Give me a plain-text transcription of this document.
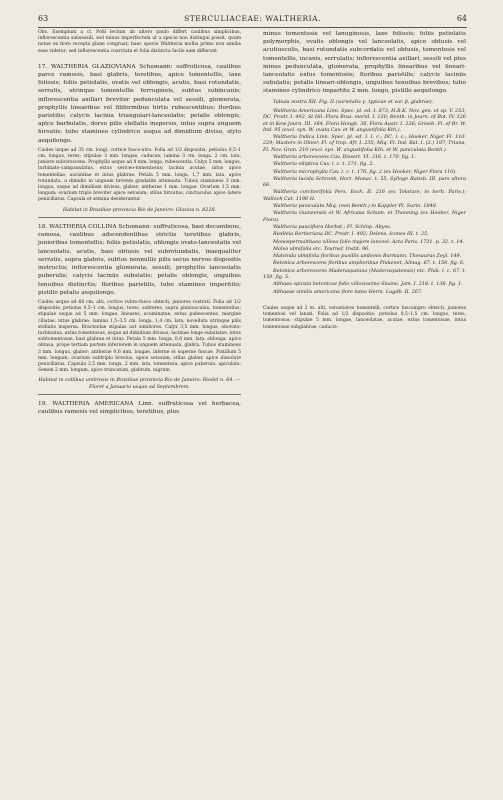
63	STERCULIACEAE: WALTHERIA.	64

Obs. Exemplum a cl. Pohl lectum ab altero paulo differt caulibus simplicibus, inflorescentia subsessili, sed minus imperfectum ut a specie non distingui possit, quum notae ex flore recepta plane congruat; haec specie Waltheria mollis primo non similis esse videtur; sed inflorescentia coarctata et folia distincta facile eam differunt.

17. WALTHERIA GLAZIOVIANA Schumann: suffruticosa, caulibus parce ramosis, basi glabris, teretibus, apice tomentellis, laxe foliosis; foliis petiolatis, ovatis vel oblongis, acutis, basi rotundatis, serratis, utrinque tomentellis ferrugineis, subtus subincanis; inflorescentia axillari breviter pedunculata vel sessili, glomerata, prophyllis linearibus vel filiformibus hirtis rubescentibus; floribus paristilis; calycis lacinia triangulari-lanceolatis; petalis oblongis, apice barbulatis, dorso pilis stellatis inspersis, intus supra unguem hirsutis; tubo stamineo cylindrico usque ad dimidium diviso, stylo aequilongo.

Caules usque ad 35 cm. longi, cortice fusco-atro. Folia ad 1/2 dispositis; petiolus 0,5–1 cm. longus, teres; stipulae 3 mm. longae, caducae; lamina 3 cm. longa, 2 cm. lata, juniore subvirescens. Prophylla usque ad 8 mm. longa, rubescentia. Calyx 5 mm. longus, turbinato-campanulatus, extus sericeo-tomentosus; lacinia acutae, intus apice tomentellae, aurantiae et intus glabrae. Petala 5 mm. longa, 1,7 mm. lata, apice rotundata, a dimidio in unguem brevem gradatim attenuata. Tubus stamineus 3 mm. longus, usque ad dimidium divisus, glaber; antherae 1 mm. longae. Ovarium 1,5 mm. longum; ovarium triplo breviter apice setosum; stilus hirsutus, cinctaculus apice latere penicillatus. Capsula et semina desiderantur.

Habitat in Brasiliae provincia Rio de Janeiro: Glaziou n. 8228.

18. WALTHERIA COLLINA Schumann: suffruticosa, basi decumbens, ramosa, caulibus adscendentibus strictis teretibus glabris, junioribus tomentellis; foliis petiolatis, oblongis ovato-lanceolatis vel lanceolatis, acutis, basi obtusis vel subrotundatis, inaequaliter serratis, supra glabris, subtus nonnullis pilis secus nervos dispositis instructis; inflorescentia glomerata, sessili, prophyllis lanceolatis puberulis; calycis laciniis subulatis; petalis oblongis, unguibus tenuibus distinctis; floribus paristilis, tubo stamineo imperitito; pistillo petalis aequilongo.

Caules usque ad 60 cm. alti, cortice rubro-fusco obtecti, juniores rostrati. Folia ad 1/2 dispositis; petiolus 0,5–1 cm. longus, teres, subteres, supra planiusculus, tomentellus; stipulae usque ad 5 mm. longae, lineares, acuminatae, extus pubescentes, margine ciliatae, intus glabrae; lamina 1,5–3,5 cm. longa, 1,4 cm. lata, novelluta utrinque pilis stellatis inspersa. Bracteolae stipulas aut similiores. Calyx 3,5 mm. longus, obovato-turbinatus, extus tomentosus, usque ad dimidium divisus; laciniae longe subulatae, intus subtomentosae, basi glabrae et intus. Petala 5 mm. longa, 0,8 mm. lata, oblonga, apice obtusa, prope tertiam partem inferiorem in unguem attenuata, glabra. Tubus stamineus 3 mm. longus, glaber; antherae 0,6 mm. longae, inferne et superne fuscae. Pistillum 5 mm. longum; ovarium subtriplo brevius, apice setosum; stilus glaber, apice dissolute penicillatus. Capsula 2,5 mm. longa, 2 mm. lata, tomentosa, apice puberula, apiculata. Semen 2 mm. longum, apice truncatum, glabrum, nigrum.

Habitat in collibus umbrosis in Brasiliae provincia Rio de Janeiro: Riedel n. 64. — Floret a Januario usque ad Septembrem.

19. WALTHERIA AMERICANA Linn. suffruticosa vel herbacea, caulibus ramosis vel simplicibus, teretibus, plus

minus tomentosis vel lanuginosis, laxe foliosis; foliis petiolatis polymorphis, ovatis oblongis vel lanceolatis, apice obtusis vel acutiusculis, basi rotundatis subcordatis vel obtusis, tomentosis vel tomentellis, incanis, serrulatis; inflorescentia axillari, sessili vel plus minus pedunculata, glomerata, prophyllis linearibus vel lineari-lanceolatis extus tomentosis; floribus paristilis; calycis laciniis subulatis; petalis lineari-oblongis, unguibus tenuibus brevibus; tubo stamineo cylindrico impartito 2 mm. longo, pistillo aequilongo.

Tabula nostra XII. Fig. II (varietatis γ. typicae et var. β. glabrae).

Waltheria Americana Linn. Spec. pl. ed. I. 673; H.B.K. Nov. gen. et sp. V. 253; DC. Prodr. I. 492; St Hil. Flora Bras. merid. I. 120; Benth. in Journ. of Bot. IV. 126 et in Kew Journ. III. 164, Flora Hongk. 38, Flora Austr. I. 226; Griseb. Fl. of Br. W. Ind. 95 (excl. syn. W. ovata Cav. et W. angustifolia Kth.).

Waltheria Indica Linn. Spec. pl. ed. I. I. c.; DC. l. c.; Hooker, Niger Fl. 110. 229; Masters in Oliver, Fl. of trop. Afr. I. 235; Miq. Fl. Ind. Bat. I. (2.) 187; Triana, Fl. Nov. Gran. 210 (excl. syn. W. angustifolia Kth. et W. paniculata Benth.).

Waltheria arborescens Cav. Dissert. VI. 316. t. 170. fig. 1.

Waltheria elliptica Cav. l. c. t. 171. fig. 2.

Waltheria microphylla Cav. l. c. t. 170. fig. 2 (ex Hooker, Niger Flora 110).

Waltheria lucida Schrank, Hort. Monac. t. 55, Sylloge Ratisb. III. pars altera 66.

Waltheria corchorifolia Pers. Esch. II. 216 (ex Teloture, in herb. Paris.); Walloch Cat. 1196 H.

Waltheria paniculata Miq. (non Benth.) in Kappler Pl. Surin. 1848.

Waltheria Guineensis et W. Africana Schum. et Thonning (ex Hooker, Niger Flora).

Waltheria pauciflora Horbst.; Fl. Schinp. Abyss.

Riedleia Bertieriana DC. Prodr. I. 492; Delens. Icones III. t. 25.

Monospermalthaea villosa folio majore lanceol. Acta Paris. 1731. p. 32. t. 14.

Malva ulmifolia etc. Tournef. Instit. 96.

Malvinda ulmifolia floribus pusillis umbonis Burmann, Thesaurus Zeyl. 149.

Betonica arborescens floribus amplioribus Plukenet, Almag. 67. t. 150. fig. 6.

Betonica arborescens Maderaspatana (Maderaspatensis) etc. Pluk. l. c. 67. t. 150. fig. 5.

Althaea spicata betonicae folio villosissimo Sloane, Jam. I. 218. t. 138. fig. 1.

Althaeae similis americana flore luteo Herm. Lugdb. II. 267.

Caules usque ad 2 m. alti, vetustiores tomentelli, cortice fuscoingro obtecti, juniores tomentosi vel lanati. Folia ad 1/2 dispositis; petiolus 0,5–1,5 cm. longus, teres, tomentosus; stipulae 5 mm. longae, lanceolatae, acutae, extus tomentosae, intus tomentosae subglabrae, caducis-
